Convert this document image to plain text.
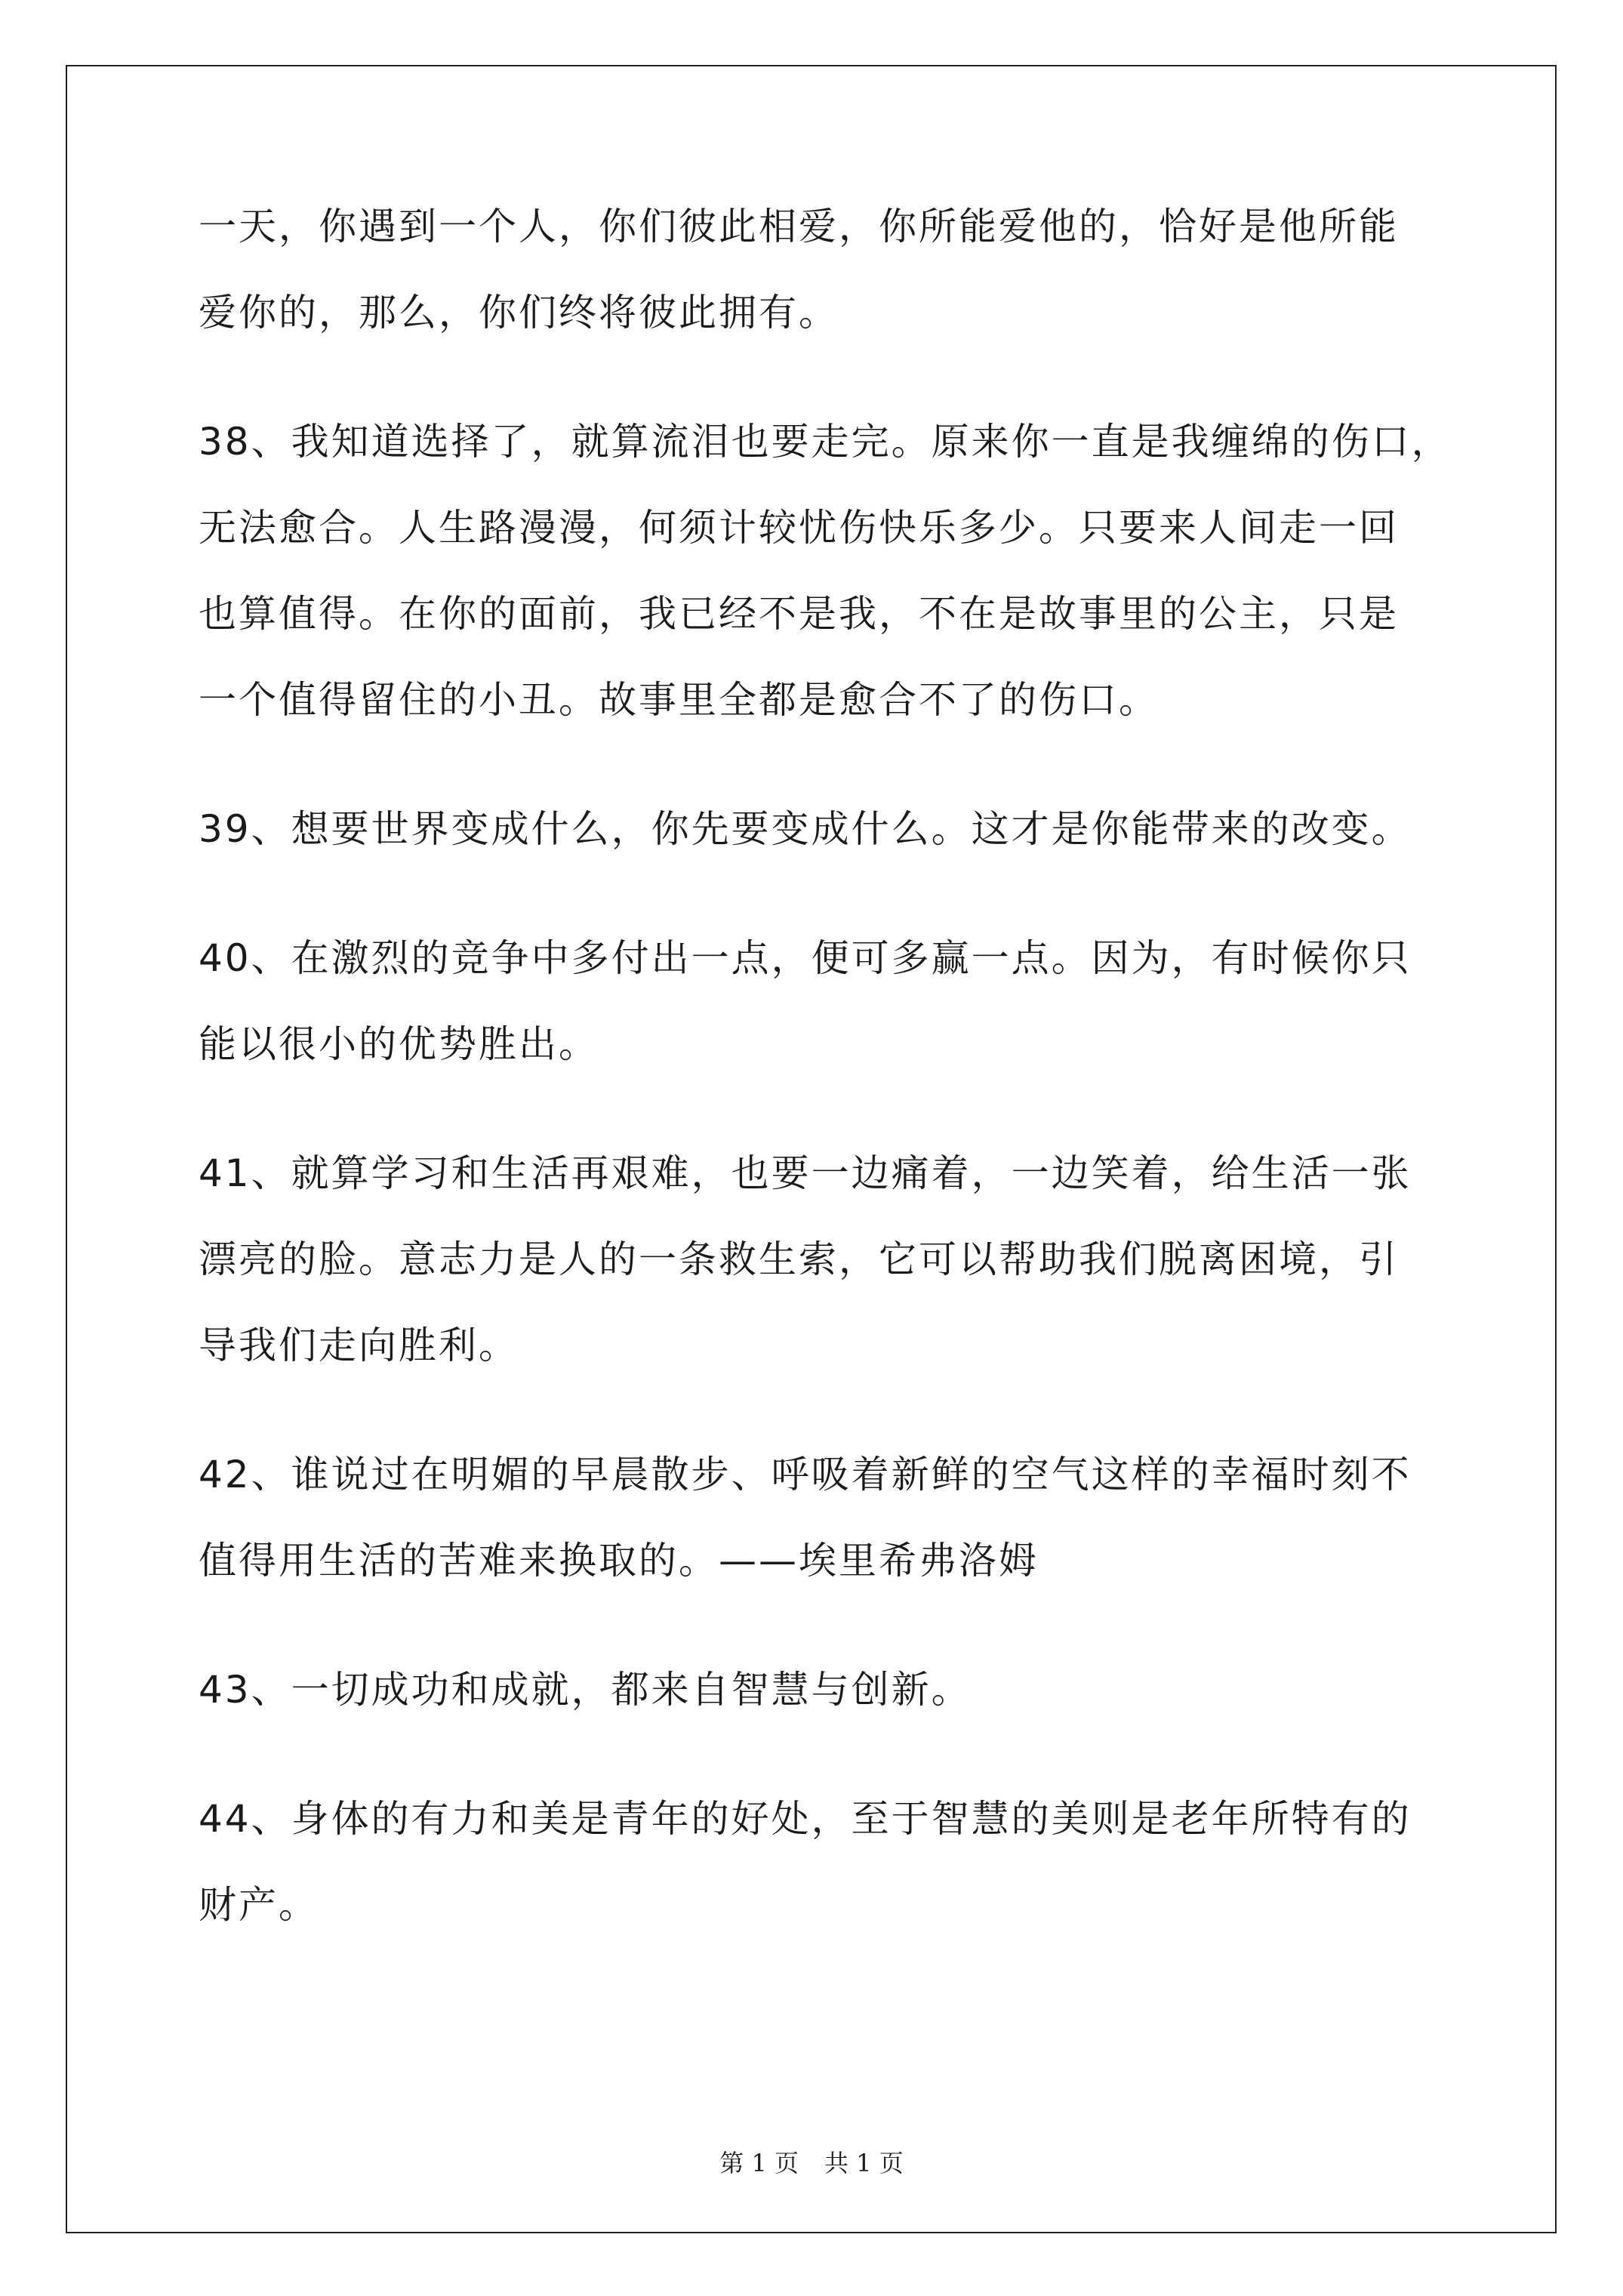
一天，你遇到一个人，你们彼此相爱，你所能爱他的，恰好是他所能
爱你的，那么，你们终将彼此拥有。
38、我知道选择了，就算流泪也要走完。原来你一直是我缠绵的伤口，
无法愈合。人生路漫漫，何须计较忧伤快乐多少。只要来人间走一回
也算值得。在你的面前，我已经不是我，不在是故事里的公主，只是
一个值得留住的小丑。故事里全都是愈合不了的伤口。
39、想要世界变成什么，你先要变成什么。这才是你能带来的改变。
40、在激烈的竞争中多付出一点，便可多赢一点。因为，有时候你只
能以很小的优势胜出。
41、就算学习和生活再艰难，也要一边痛着，一边笑着，给生活一张
漂亮的脸。意志力是人的一条救生索，它可以帮助我们脱离困境，引
导我们走向胜利。
42、谁说过在明媚的早晨散步、呼吸着新鲜的空气这样的幸福时刻不
值得用生活的苦难来换取的。——埃里希弗洛姆
43、一切成功和成就，都来自智慧与创新。
44、身体的有力和美是青年的好处，至于智慧的美则是老年所特有的
财产。
第 1 页 共 1 页
